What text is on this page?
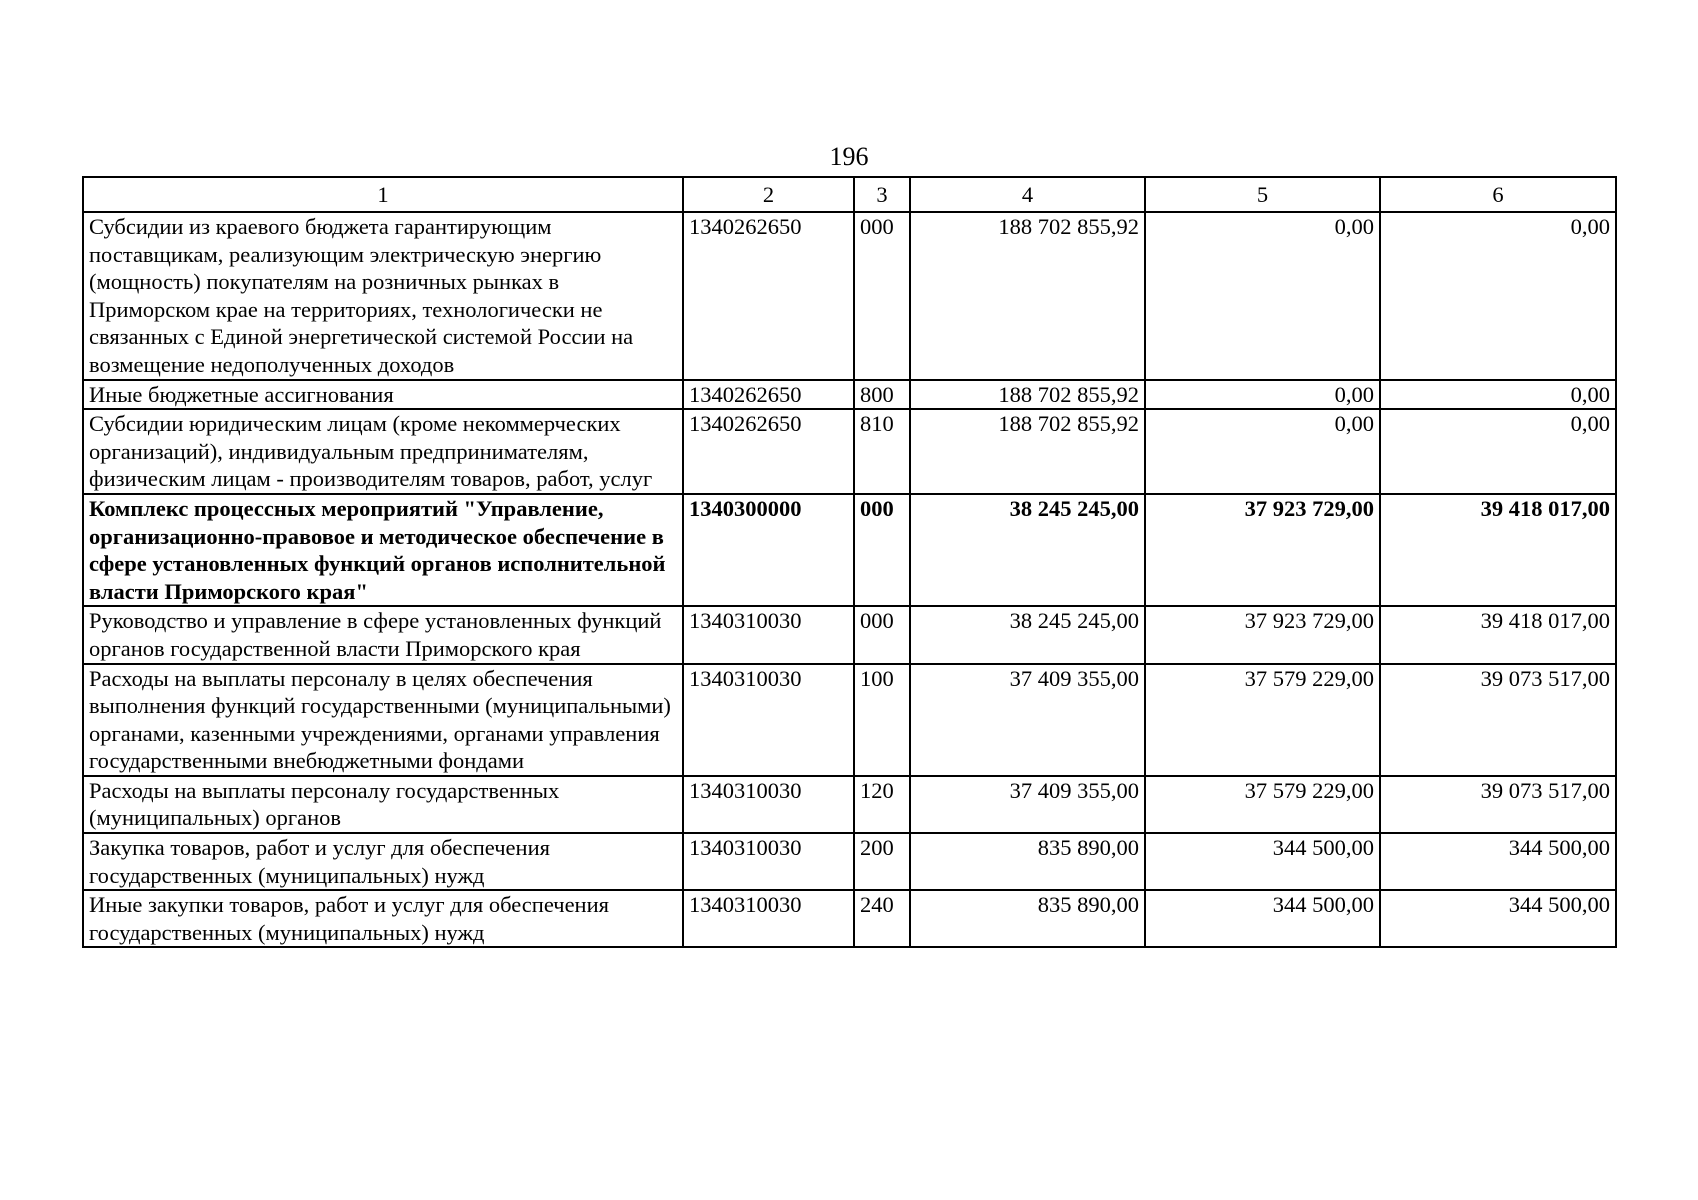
196
1	2	3	4	5	6
Субсидии из краевого бюджета гарантирующим поставщикам, реализующим электрическую энергию (мощность) покупателям на розничных рынках в Приморском крае на территориях, технологически не связанных с Единой энергетической системой России на возмещение недополученных доходов	1340262650	000	188 702 855,92	0,00	0,00
Иные бюджетные ассигнования	1340262650	800	188 702 855,92	0,00	0,00
Субсидии юридическим лицам (кроме некоммерческих организаций), индивидуальным предпринимателям, физическим лицам - производителям товаров, работ, услуг	1340262650	810	188 702 855,92	0,00	0,00
Комплекс процессных мероприятий "Управление, организационно-правовое и методическое обеспечение в сфере установленных функций органов исполнительной власти Приморского края"	1340300000	000	38 245 245,00	37 923 729,00	39 418 017,00
Руководство и управление в сфере установленных функций органов государственной власти Приморского края	1340310030	000	38 245 245,00	37 923 729,00	39 418 017,00
Расходы на выплаты персоналу в целях обеспечения выполнения функций государственными (муниципальными) органами, казенными учреждениями, органами управления государственными внебюджетными фондами	1340310030	100	37 409 355,00	37 579 229,00	39 073 517,00
Расходы на выплаты персоналу государственных (муниципальных) органов	1340310030	120	37 409 355,00	37 579 229,00	39 073 517,00
Закупка товаров, работ и услуг для обеспечения государственных (муниципальных) нужд	1340310030	200	835 890,00	344 500,00	344 500,00
Иные закупки товаров, работ и услуг для обеспечения государственных (муниципальных) нужд	1340310030	240	835 890,00	344 500,00	344 500,00
